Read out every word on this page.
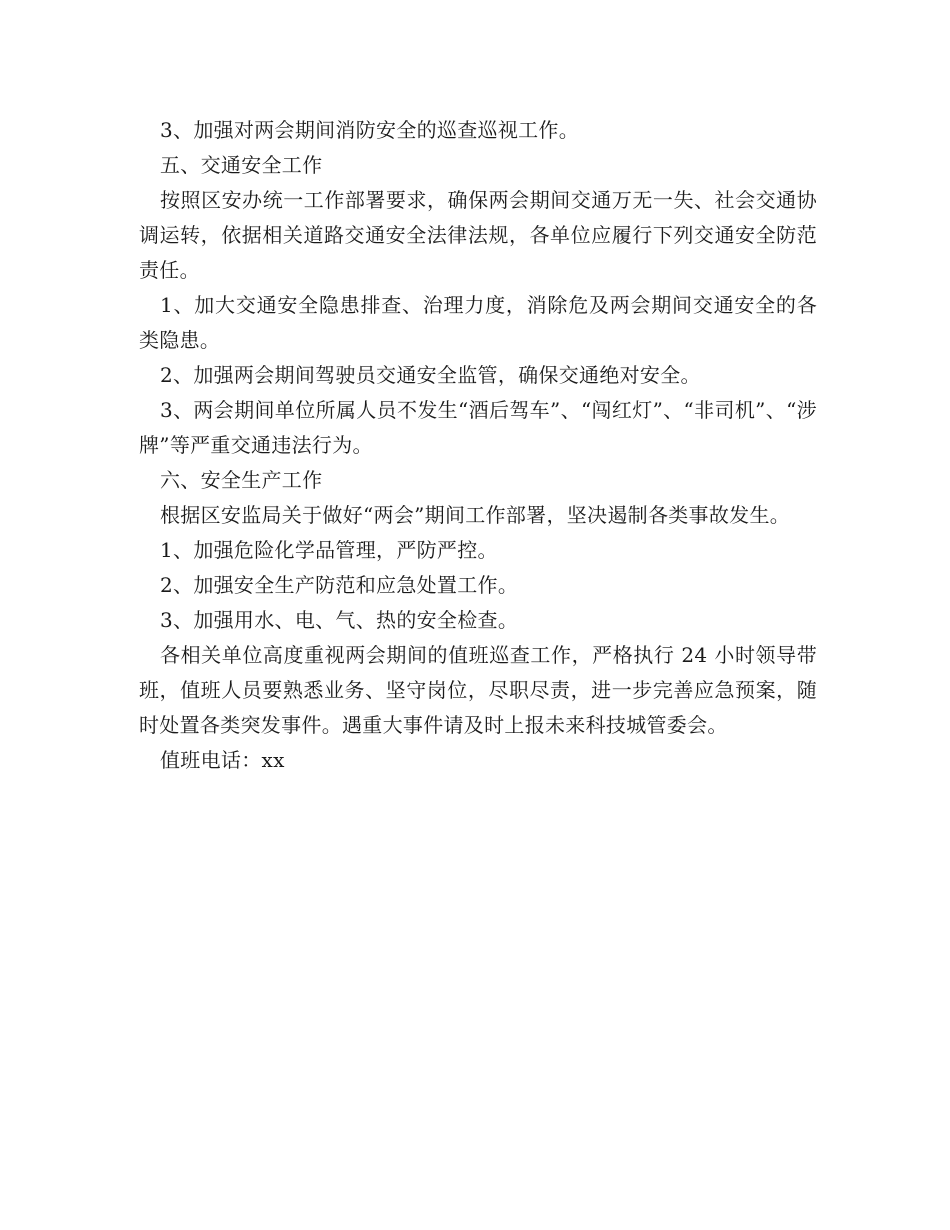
3、加强对两会期间消防安全的巡查巡视工作。

五、交通安全工作

按照区安办统一工作部署要求，确保两会期间交通万无一失、社会交通协调运转，依据相关道路交通安全法律法规，各单位应履行下列交通安全防范责任。

1、加大交通安全隐患排查、治理力度，消除危及两会期间交通安全的各类隐患。

2、加强两会期间驾驶员交通安全监管，确保交通绝对安全。

3、两会期间单位所属人员不发生“酒后驾车”、“闯红灯”、“非司机”、“涉牌”等严重交通违法行为。

六、安全生产工作

根据区安监局关于做好“两会”期间工作部署，坚决遏制各类事故发生。

1、加强危险化学品管理，严防严控。

2、加强安全生产防范和应急处置工作。

3、加强用水、电、气、热的安全检查。

各相关单位高度重视两会期间的值班巡查工作，严格执行 24 小时领导带班，值班人员要熟悉业务、坚守岗位，尽职尽责，进一步完善应急预案，随时处置各类突发事件。遇重大事件请及时上报未来科技城管委会。

值班电话：xx
